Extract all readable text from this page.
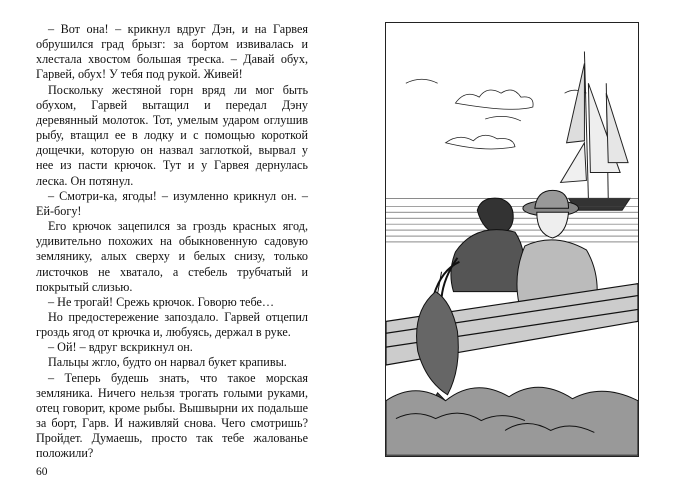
– Вот она! – крикнул вдруг Дэн, и на Гарвея обрушился град брызг: за бортом извивалась и хлестала хвостом большая треска. – Давай обух, Гарвей, обух! У тебя под рукой. Живей!

Поскольку жестяной горн вряд ли мог быть обухом, Гарвей вытащил и передал Дэну деревянный молоток. Тот, умелым ударом оглушив рыбу, втащил ее в лодку и с помощью короткой дощечки, которую он назвал заглоткой, вырвал у нее из пасти крючок. Тут и у Гарвея дернулась леска. Он потянул.

– Смотри-ка, ягоды! – изумленно крикнул он. – Ей-богу!

Его крючок зацепился за гроздь красных ягод, удивительно похожих на обыкновенную садовую землянику, алых сверху и белых снизу, только листочков не хватало, а стебель трубчатый и покрытый слизью.

– Не трогай! Срежь крючок. Говорю тебе…

Но предостережение запоздало. Гарвей отцепил гроздь ягод от крючка и, любуясь, держал в руке.

– Ой! – вдруг вскрикнул он.

Пальцы жгло, будто он нарвал букет крапивы.

– Теперь будешь знать, что такое морская земляника. Ничего нельзя трогать голыми руками, отец говорит, кроме рыбы. Вышвырни их подальше за борт, Гарв. И наживляй снова. Чего смотришь? Пройдет. Думаешь, просто так тебе жалованье положили?

60
